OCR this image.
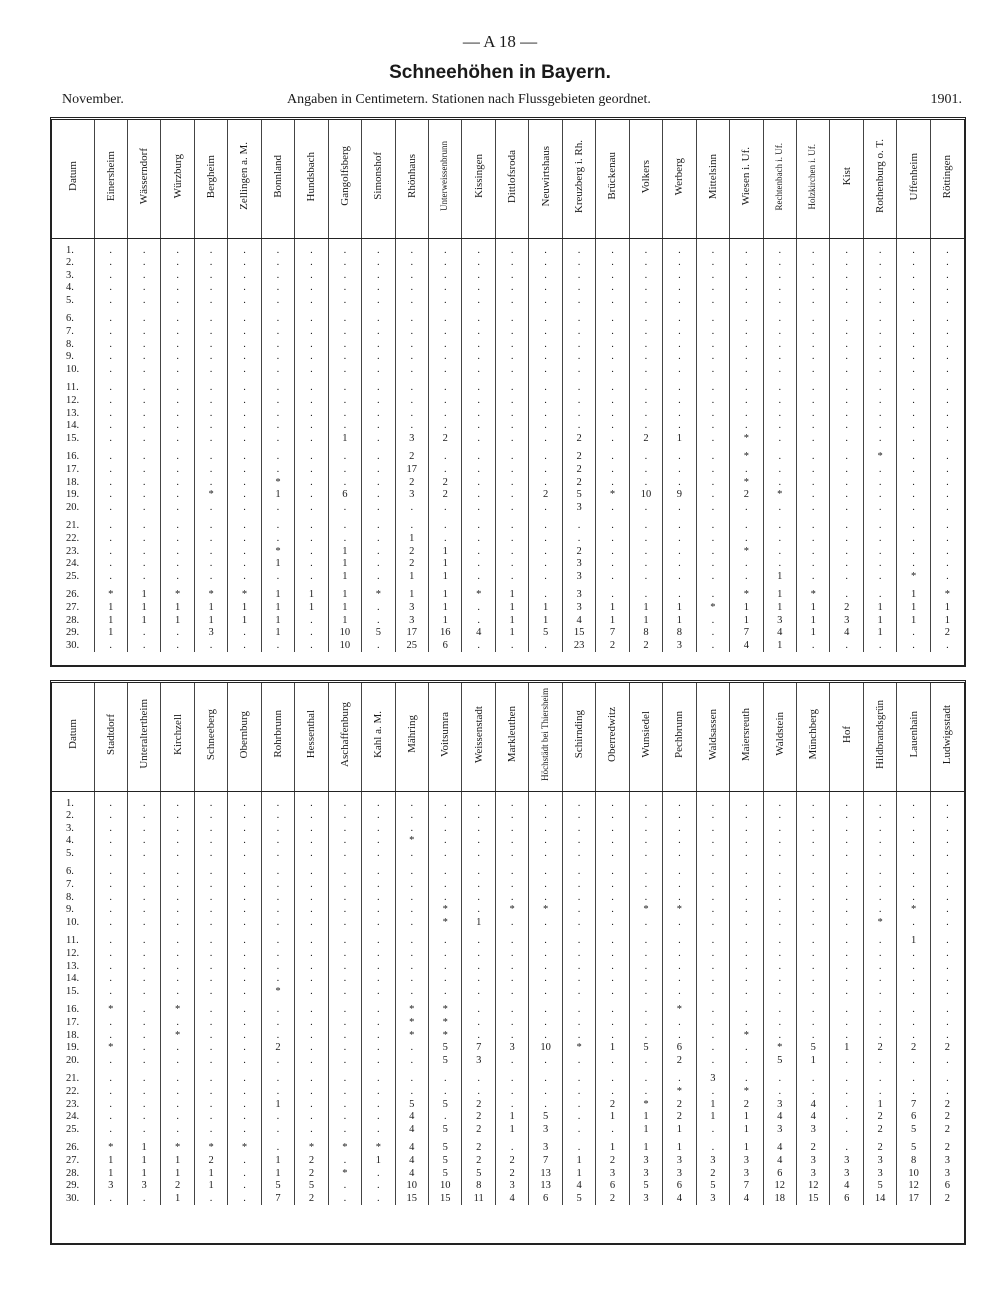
— A 18 —
Schneehöhen in Bayern.
November.	Angaben in Centimetern. Stationen nach Flussgebieten geordnet.	1901.
Datum	Einersheim	Wässerndorf	Würzburg	Bergheim	Zellingen a. M.	Bonnland	Hundsbach	Gangolfsberg	Simonshof	Rhönhaus	Unterweissenbrunn	Kissingen	Dittlofsroda	Neuwirtshaus	Kreuzberg i. Rh.	Brückenau	Volkers	Werberg	Mittelsinn	Wiesen i. Uf.	Rechtenbach i. Uf.	Holzkirchen i. Uf.	Kist	Rothenburg o. T.	Uffenheim	Röttingen

1.	.	.	.	.	.	.	.	.	.	.	.	.	.	.	.	.	.	.	.	.	.	.	.	.	.	.
2.	.	.	.	.	.	.	.	.	.	.	.	.	.	.	.	.	.	.	.	.	.	.	.	.	.	.
3.	.	.	.	.	.	.	.	.	.	.	.	.	.	.	.	.	.	.	.	.	.	.	.	.	.	.
4.	.	.	.	.	.	.	.	.	.	.	.	.	.	.	.	.	.	.	.	.	.	.	.	.	.	.
5.	.	.	.	.	.	.	.	.	.	.	.	.	.	.	.	.	.	.	.	.	.	.	.	.	.	.

6.	.	.	.	.	.	.	.	.	.	.	.	.	.	.	.	.	.	.	.	.	.	.	.	.	.	.
7.	.	.	.	.	.	.	.	.	.	.	.	.	.	.	.	.	.	.	.	.	.	.	.	.	.	.
8.	.	.	.	.	.	.	.	.	.	.	.	.	.	.	.	.	.	.	.	.	.	.	.	.	.	.
9.	.	.	.	.	.	.	.	.	.	.	.	.	.	.	.	.	.	.	.	.	.	.	.	.	.	.
10.	.	.	.	.	.	.	.	.	.	.	.	.	.	.	.	.	.	.	.	.	.	.	.	.	.	.

11.	.	.	.	.	.	.	.	.	.	.	.	.	.	.	.	.	.	.	.	.	.	.	.	.	.	.
12.	.	.	.	.	.	.	.	.	.	.	.	.	.	.	.	.	.	.	.	.	.	.	.	.	.	.
13.	.	.	.	.	.	.	.	.	.	.	.	.	.	.	.	.	.	.	.	.	.	.	.	.	.	.
14.	.	.	.	.	.	.	.	.	.	.	.	.	.	.	.	.	.	.	.	.	.	.	.	.	.	.
15.	.	.	.	.	.	.	.	1	.	3	2	.	.	.	2	.	2	1	.	*	.	.	.	.	.	.

16.	.	.	.	.	.	.	.	.	.	2	.	.	.	.	2	.	.	.	.	*	.	.	.	*	.	.
17.	.	.	.	.	.	.	.	.	.	17	.	.	.	.	2	.	.	.	.	.	.	.	.	.	.	.
18.	.	.	.	.	.	*	.	.	.	2	2	.	.	.	2	.	.	.	.	*	.	.	.	.	.	.
19.	.	.	.	*	.	1	.	6	.	3	2	.	.	2	5	*	10	9	.	2	*	.	.	.	.	.
20.	.	.	.	.	.	.	.	.	.	.	.	.	.	.	3	.	.	.	.	.	.	.	.	.	.	.

21.	.	.	.	.	.	.	.	.	.	.	.	.	.	.	.	.	.	.	.	.	.	.	.	.	.	.
22.	.	.	.	.	.	.	.	.	.	1	.	.	.	.	.	.	.	.	.	.	.	.	.	.	.	.
23.	.	.	.	.	.	*	.	1	.	2	1	.	.	.	2	.	.	.	.	*	.	.	.	.	.	.
24.	.	.	.	.	.	1	.	1	.	2	1	.	.	.	3	.	.	.	.	.	.	.	.	.	.	.
25.	.	.	.	.	.	.	.	1	.	1	1	.	.	.	3	.	.	.	.	.	1	.	.	.	*	.

26.	*	1	*	*	*	1	1	1	*	1	1	*	1	.	3	.	.	.	.	*	1	*	.	.	1	*
27.	1	1	1	1	1	1	1	1	.	3	1	.	1	1	3	1	1	1	*	1	1	1	2	1	1	1
28.	1	1	1	1	1	1	.	1	.	3	1	.	1	1	4	1	1	1	.	1	3	1	3	1	1	1
29.	1	.	.	3	.	1	.	10	5	17	16	4	1	5	15	7	8	8	.	7	4	1	4	1	.	2
30.	.	.	.	.	.	.	.	10	.	25	6	.	.	.	23	2	2	3	.	4	1	.	.	.	.	.
Datum	Stadtdorf	Unteraltertheim	Kirchzell	Schneeberg	Obernburg	Rohrbrunn	Hessenthal	Aschaffenburg	Kahl a. M.	Mähring	Voitsumra	Weissenstadt	Markleuthen	Höchstädt bei Thiersheim	Schirnding	Oberredwitz	Wunsiedel	Pechbrunn	Waldsassen	Maiersreuth	Waldstein	Münchberg	Hof	Hildbrandsgrün	Lauenhain	Ludwigsstadt

1.	.	.	.	.	.	.	.	.	.	.	.	.	.	.	.	.	.	.	.	.	.	.	.	.	.	.
2.	.	.	.	.	.	.	.	.	.	.	.	.	.	.	.	.	.	.	.	.	.	.	.	.	.	.
3.	.	.	.	.	.	.	.	.	.	.	.	.	.	.	.	.	.	.	.	.	.	.	.	.	.	.
4.	.	.	.	.	.	.	.	.	.	*	.	.	.	.	.	.	.	.	.	.	.	.	.	.	.	.
5.	.	.	.	.	.	.	.	.	.	.	.	.	.	.	.	.	.	.	.	.	.	.	.	.	.	.

6.	.	.	.	.	.	.	.	.	.	.	.	.	.	.	.	.	.	.	.	.	.	.	.	.	.	.
7.	.	.	.	.	.	.	.	.	.	.	.	.	.	.	.	.	.	.	.	.	.	.	.	.	.	.
8.	.	.	.	.	.	.	.	.	.	.	.	.	.	.	.	.	.	.	.	.	.	.	.	.	.	.
9.	.	.	.	.	.	.	.	.	.	.	*	.	*	*	.	.	*	*	.	.	.	.	.	.	*	.
10.	.	.	.	.	.	.	.	.	.	.	*	1	.	.	.	.	.	.	.	.	.	.	.	*	.	.

11.	.	.	.	.	.	.	.	.	.	.	.	.	.	.	.	.	.	.	.	.	.	.	.	.	1	.
12.	.	.	.	.	.	.	.	.	.	.	.	.	.	.	.	.	.	.	.	.	.	.	.	.	.	.
13.	.	.	.	.	.	.	.	.	.	.	.	.	.	.	.	.	.	.	.	.	.	.	.	.	.	.
14.	.	.	.	.	.	.	.	.	.	.	.	.	.	.	.	.	.	.	.	.	.	.	.	.	.	.
15.	.	.	.	.	.	*	.	.	.	.	.	.	.	.	.	.	.	.	.	.	.	.	.	.	.	.

16.	*	.	*	.	.	.	.	.	.	*	*	.	.	.	.	.	.	*	.	.	.	.	.	.	.	.
17.	.	.	.	.	.	.	.	.	.	*	*	.	.	.	.	.	.	.	.	.	.	.	.	.	.	.
18.	.	.	*	.	.	.	.	.	.	*	*	.	.	.	.	.	.	.	.	*	.	.	.	.	.	.
19.	*	.	.	.	.	2	.	.	.	.	5	7	3	10	*	1	5	6	.	.	*	5	1	2	2	2
20.	.	.	.	.	.	.	.	.	.	.	5	3	.	.	.	.	.	2	.	.	5	1	.	.	.	.

21.	.	.	.	.	.	.	.	.	.	.	.	.	.	.	.	.	.	.	3	.	.	.	.	.	.	.
22.	.	.	.	.	.	.	.	.	.	.	.	.	.	.	.	.	.	*	.	*	.	.	.	.	.	.
23.	.	.	.	.	.	1	.	.	.	5	5	2	.	.	.	2	*	2	1	2	3	4	.	1	7	2
24.	.	.	.	.	.	.	.	.	.	4	.	2	1	5	.	1	1	2	1	1	4	4	.	2	6	2
25.	.	.	.	.	.	.	.	.	.	4	5	2	1	3	.	.	1	1	.	1	3	3	.	2	5	2

26.	*	1	*	*	*	.	*	*	*	4	5	2	.	3	.	1	1	1	.	1	4	2	.	2	5	2
27.	1	1	1	2	.	1	2	.	1	4	5	2	2	7	1	2	3	3	3	3	4	3	3	3	8	3
28.	1	1	1	1	.	1	2	*	.	4	5	5	2	13	1	3	3	3	2	3	6	3	3	3	10	3
29.	3	3	2	1	.	5	5	.	.	10	10	8	3	13	4	6	5	6	5	7	12	12	4	5	12	6
30.	.	.	1	.	.	7	2	.	.	15	15	11	4	6	5	2	3	4	3	4	18	15	6	14	17	2
